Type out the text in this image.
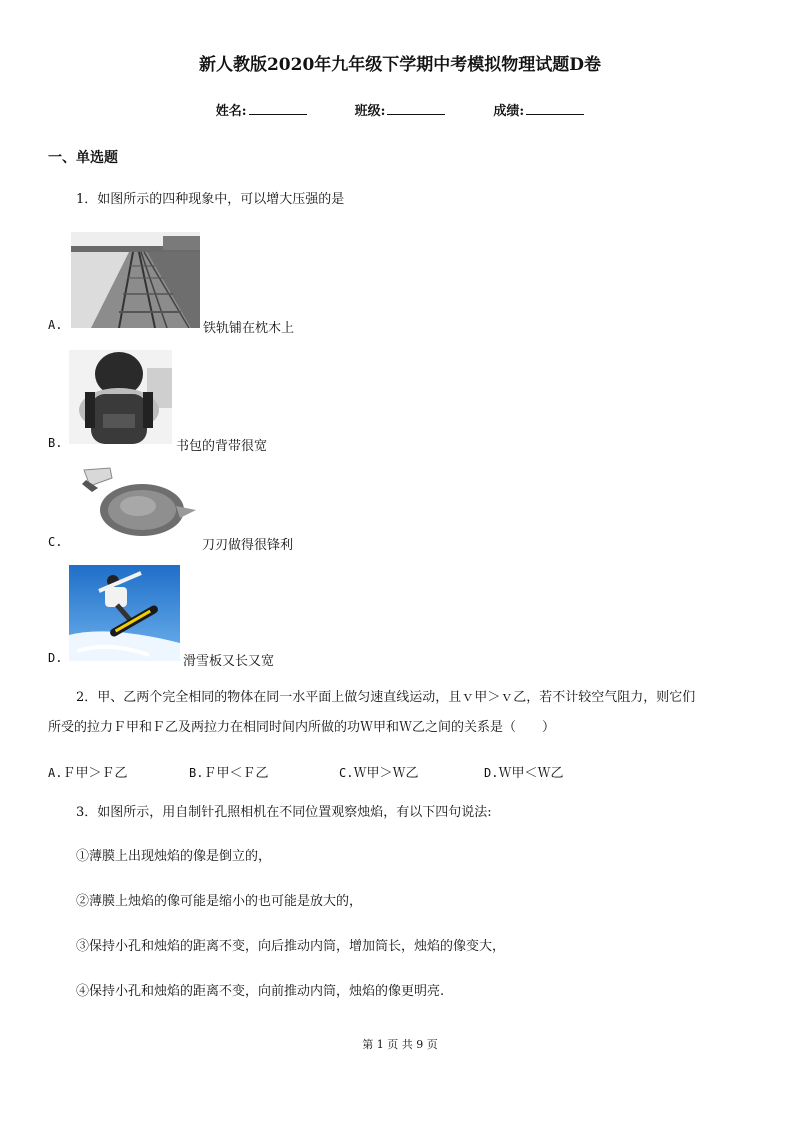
新人教版2020年九年级下学期中考模拟物理试题D卷
姓名:	班级:	成绩:
一、单选题
1．如图所示的四种现象中，可以增大压强的是
A.	铁轨铺在枕木上
B.	书包的背带很宽
C.	刀刃做得很锋利
D.	滑雪板又长又宽
2．甲、乙两个完全相同的物体在同一水平面上做匀速直线运动，且ｖ甲＞ｖ乙，若不计较空气阻力，则它们
所受的拉力Ｆ甲和Ｆ乙及两拉力在相同时间内所做的功Ｗ甲和Ｗ乙之间的关系是（　　）
A.Ｆ甲＞Ｆ乙	B.Ｆ甲＜Ｆ乙	C.Ｗ甲＞Ｗ乙	D.Ｗ甲＜Ｗ乙
3．如图所示，用自制针孔照相机在不同位置观察烛焰，有以下四句说法:
①薄膜上出现烛焰的像是倒立的，
②薄膜上烛焰的像可能是缩小的也可能是放大的，
③保持小孔和烛焰的距离不变，向后推动内筒，增加筒长，烛焰的像变大，
④保持小孔和烛焰的距离不变，向前推动内筒，烛焰的像更明亮.
第 1 页 共 9 页
